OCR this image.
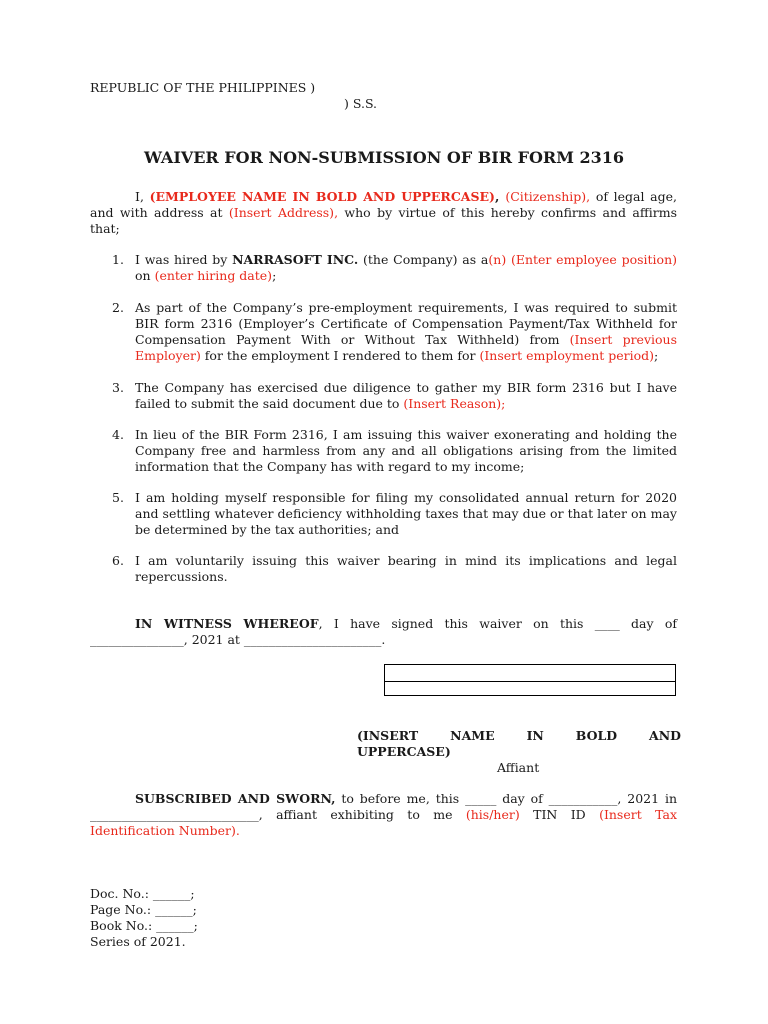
REPUBLIC OF THE PHILIPPINES )
) S.S.
WAIVER FOR NON-SUBMISSION OF BIR FORM 2316

I, (EMPLOYEE NAME IN BOLD AND UPPERCASE), (Citizenship), of legal age, and with address at (Insert Address), who by virtue of this hereby confirms and affirms that;

1. I was hired by NARRASOFT INC. (the Company) as a(n) (Enter employee position) on (enter hiring date);
2. As part of the Company’s pre-employment requirements, I was required to submit BIR form 2316 (Employer’s Certificate of Compensation Payment/Tax Withheld for Compensation Payment With or Without Tax Withheld) from (Insert previous Employer) for the employment I rendered to them for (Insert employment period);
3. The Company has exercised due diligence to gather my BIR form 2316 but I have failed to submit the said document due to (Insert Reason);
4. In lieu of the BIR Form 2316, I am issuing this waiver exonerating and holding the Company free and harmless from any and all obligations arising from the limited information that the Company has with regard to my income;
5. I am holding myself responsible for filing my consolidated annual return for 2020 and settling whatever deficiency withholding taxes that may due or that later on may be determined by the tax authorities; and
6. I am voluntarily issuing this waiver bearing in mind its implications and legal repercussions.

IN WITNESS WHEREOF, I have signed this waiver on this ____ day of _______________, 2021 at ______________________.

(INSERT NAME IN BOLD AND
UPPERCASE)
Affiant

SUBSCRIBED AND SWORN, to before me, this _____ day of ___________, 2021 in ___________________________, affiant exhibiting to me (his/her) TIN ID (Insert Tax Identification Number).

Doc. No.: ______;
Page No.: ______;
Book No.: ______;
Series of 2021.
